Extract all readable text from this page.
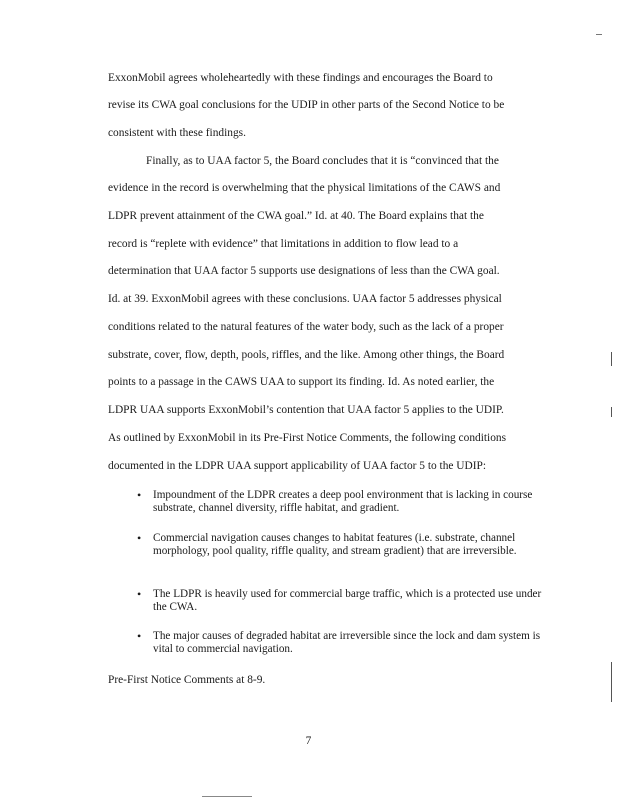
ExxonMobil agrees wholeheartedly with these findings and encourages the Board to
revise its CWA goal conclusions for the UDIP in other parts of the Second Notice to be
consistent with these findings.
Finally, as to UAA factor 5, the Board concludes that it is “convinced that the
evidence in the record is overwhelming that the physical limitations of the CAWS and
LDPR prevent attainment of the CWA goal.” Id. at 40. The Board explains that the
record is “replete with evidence” that limitations in addition to flow lead to a
determination that UAA factor 5 supports use designations of less than the CWA goal.
Id. at 39. ExxonMobil agrees with these conclusions. UAA factor 5 addresses physical
conditions related to the natural features of the water body, such as the lack of a proper
substrate, cover, flow, depth, pools, riffles, and the like. Among other things, the Board
points to a passage in the CAWS UAA to support its finding. Id. As noted earlier, the
LDPR UAA supports ExxonMobil’s contention that UAA factor 5 applies to the UDIP.
As outlined by ExxonMobil in its Pre-First Notice Comments, the following conditions
documented in the LDPR UAA support applicability of UAA factor 5 to the UDIP:
• Impoundment of the LDPR creates a deep pool environment that is lacking in course substrate, channel diversity, riffle habitat, and gradient.
• Commercial navigation causes changes to habitat features (i.e. substrate, channel morphology, pool quality, riffle quality, and stream gradient) that are irreversible.
• The LDPR is heavily used for commercial barge traffic, which is a protected use under the CWA.
• The major causes of degraded habitat are irreversible since the lock and dam system is vital to commercial navigation.
Pre-First Notice Comments at 8-9.
7
